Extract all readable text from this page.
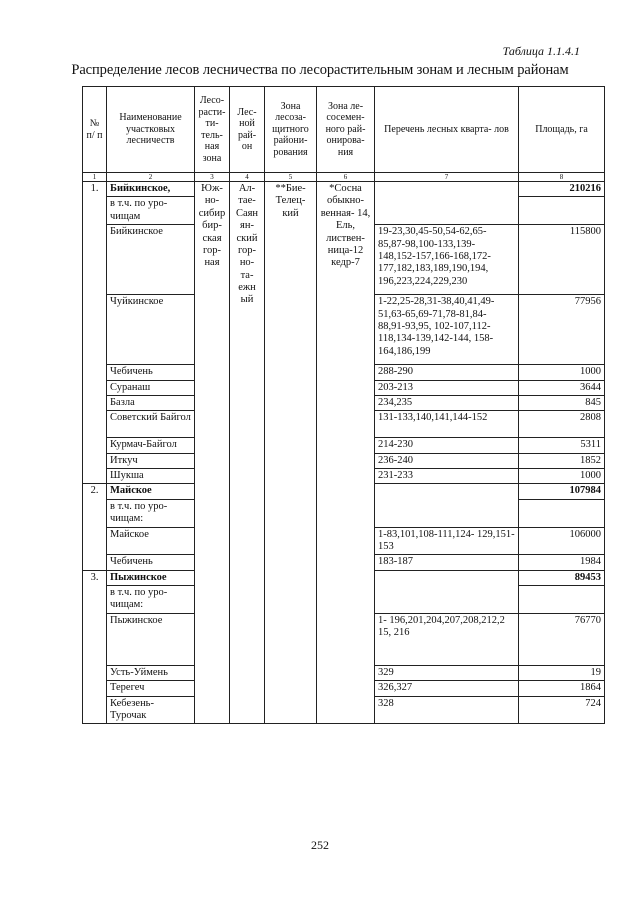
Таблица 1.1.4.1
Распределение лесов лесничества по лесорастительным зонам и лесным районам
№ п/ п	Наименование участковых лесничеств	Лесо- расти- ти- тель- ная зона	Лес- ной рай- он	Зона лесоза- щитного райони- рования	Зона ле- сосемен- ного рай- онирова- ния	Перечень лесных кварта- лов	Площадь, га
1	2	3	4	5	6	7	8
1.	Бийкинское,	Юж- но- сибир бир- ская гор- ная	Ал- тае- Саян ян- ский гор- но- та- ежн ый	**Бие- Телец- кий	*Сосна обыкно- венная- 14, Ель, листвен- ница-12 кедр-7		210216
	в т.ч. по уро- чищам						
	Бийкинское					19-23,30,45-50,54-62,65- 85,87-98,100-133,139- 148,152-157,166-168,172- 177,182,183,189,190,194, 196,223,224,229,230	115800
	Чуйкинское					1-22,25-28,31-38,40,41,49- 51,63-65,69-71,78-81,84- 88,91-93,95, 102-107,112- 118,134-139,142-144, 158- 164,186,199	77956
	Чебичень					288-290	1000
	Суранаш					203-213	3644
	Базла					234,235	845
	Советский Байгол					131-133,140,141,144-152	2808
	Курмач-Байгол					214-230	5311
	Иткуч					236-240	1852
	Шукша					231-233	1000
2.	Майское						107984
	в т.ч. по уро- чищам:						
	Майское					1-83,101,108-111,124- 129,151-153	106000
	Чебичень					183-187	1984
3.	Пыжинское						89453
	в т.ч. по уро- чищам:						
	Пыжинское					1- 196,201,204,207,208,212,2 15, 216	76770
	Усть-Уймень					329	19
	Терегеч					326,327	1864
	Кебезень- Турочак					328	724
252
